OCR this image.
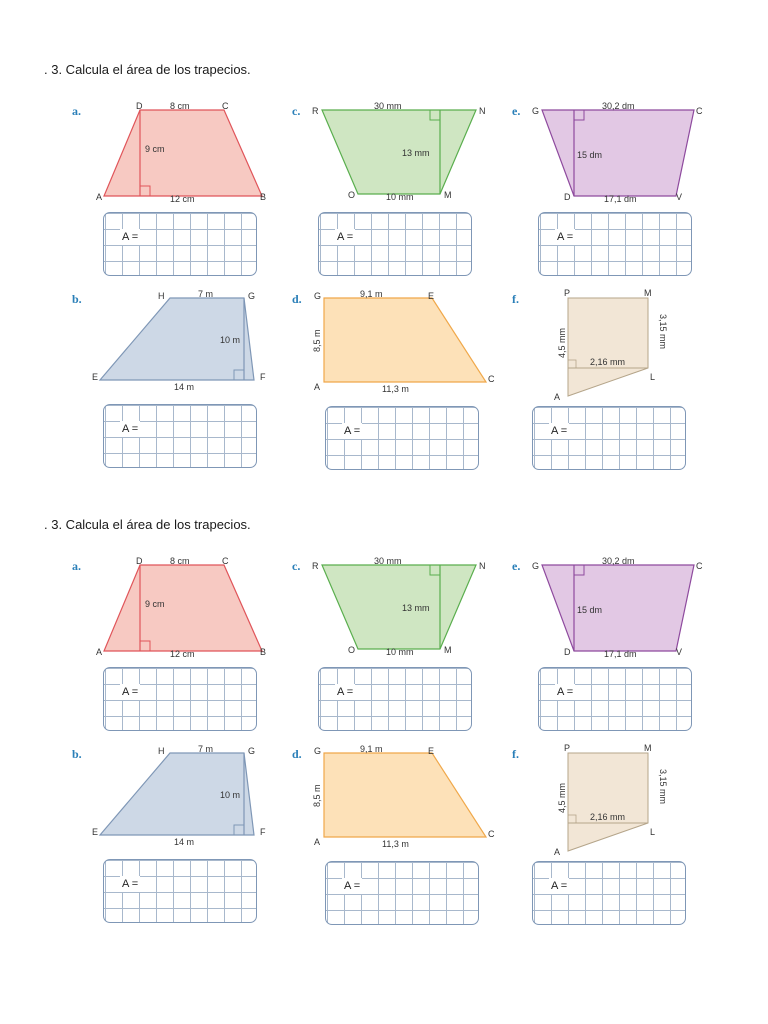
. 3. Calcula el área de los trapecios.
a.	D	C
A	B
8 cm
9 cm
12 cm
A =
c. R	N
O	M
30 mm
13 mm
10 mm
A =
e. G	C
D	V
30,2 dm
15 dm
17,1 dm
A =
b.	H	G
E	F
7 m
10 m
14 m
A =
d. G	E
A
C
9,1 m
8,5 m
11,3 m
A =
f.	P	M
L
A
4,5 mm	3,15 mm
2,16 mm
A =
. 3. Calcula el área de los trapecios.
a.	D	C
A	B
8 cm
9 cm
12 cm
A =
c. R	N
O	M
30 mm
13 mm
10 mm
A =
e. G	C
D	V
30,2 dm
15 dm
17,1 dm
A =
b.	H	G
E	F
7 m
10 m
14 m
A =
d. G	E
A
C
9,1 m
8,5 m
11,3 m
A =
f.	P	M
L
A
4,5 mm	3,15 mm
2,16 mm
A =
